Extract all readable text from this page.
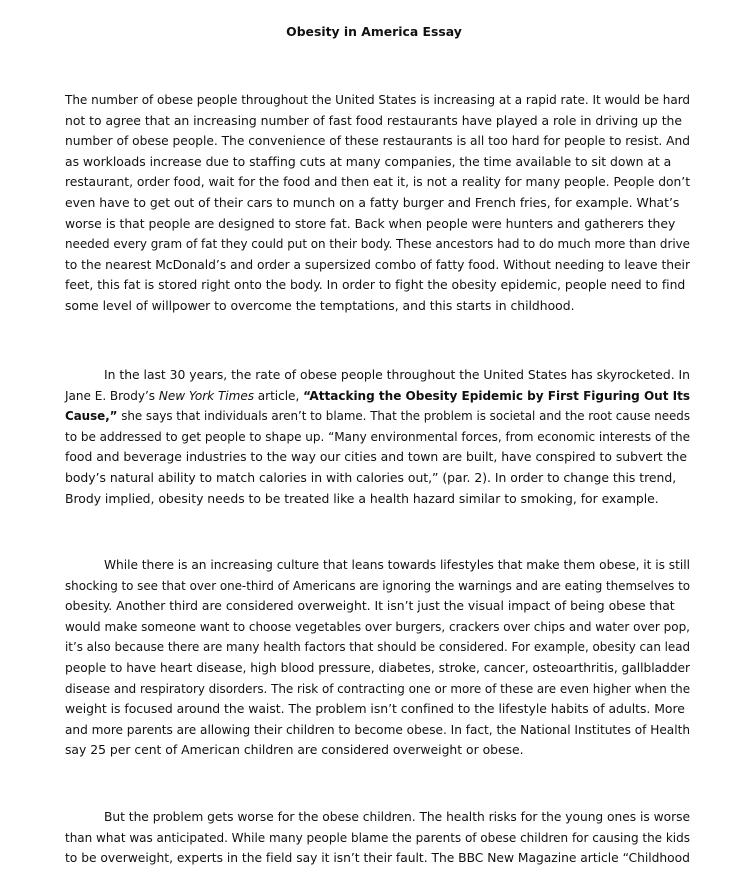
Obesity in America Essay
The number of obese people throughout the United States is increasing at a rapid rate. It would be hard
not to agree that an increasing number of fast food restaurants have played a role in driving up the
number of obese people. The convenience of these restaurants is all too hard for people to resist. And
as workloads increase due to staffing cuts at many companies, the time available to sit down at a
restaurant, order food, wait for the food and then eat it, is not a reality for many people. People don’t
even have to get out of their cars to munch on a fatty burger and French fries, for example. What’s
worse is that people are designed to store fat. Back when people were hunters and gatherers they
needed every gram of fat they could put on their body. These ancestors had to do much more than drive
to the nearest McDonald’s and order a supersized combo of fatty food. Without needing to leave their
feet, this fat is stored right onto the body. In order to fight the obesity epidemic, people need to find
some level of willpower to overcome the temptations, and this starts in childhood.
In the last 30 years, the rate of obese people throughout the United States has skyrocketed. In
Jane E. Brody’s New York Times article, “Attacking the Obesity Epidemic by First Figuring Out Its
Cause,” she says that individuals aren’t to blame. That the problem is societal and the root cause needs
to be addressed to get people to shape up. “Many environmental forces, from economic interests of the
food and beverage industries to the way our cities and town are built, have conspired to subvert the
body’s natural ability to match calories in with calories out,” (par. 2). In order to change this trend,
Brody implied, obesity needs to be treated like a health hazard similar to smoking, for example.
While there is an increasing culture that leans towards lifestyles that make them obese, it is still
shocking to see that over one-third of Americans are ignoring the warnings and are eating themselves to
obesity. Another third are considered overweight. It isn’t just the visual impact of being obese that
would make someone want to choose vegetables over burgers, crackers over chips and water over pop,
it’s also because there are many health factors that should be considered. For example, obesity can lead
people to have heart disease, high blood pressure, diabetes, stroke, cancer, osteoarthritis, gallbladder
disease and respiratory disorders. The risk of contracting one or more of these are even higher when the
weight is focused around the waist. The problem isn’t confined to the lifestyle habits of adults. More
and more parents are allowing their children to become obese. In fact, the National Institutes of Health
say 25 per cent of American children are considered overweight or obese.
But the problem gets worse for the obese children. The health risks for the young ones is worse
than what was anticipated. While many people blame the parents of obese children for causing the kids
to be overweight, experts in the field say it isn’t their fault. The BBC New Magazine article “Childhood
